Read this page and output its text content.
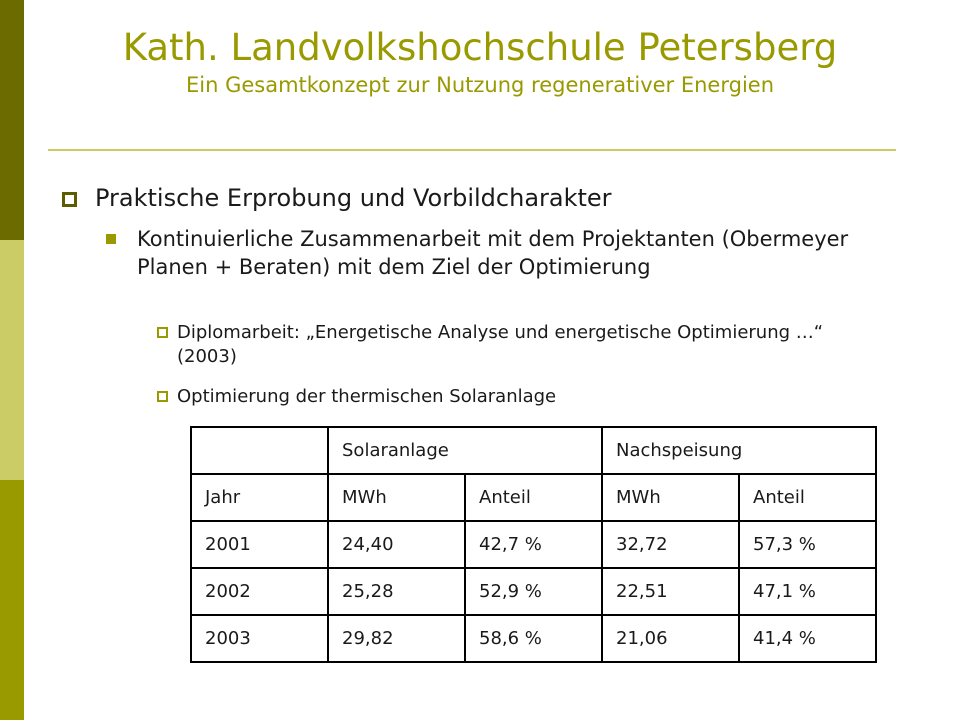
Kath. Landvolkshochschule Petersberg
Ein Gesamtkonzept zur Nutzung regenerativer Energien
Praktische Erprobung und Vorbildcharakter
Kontinuierliche Zusammenarbeit mit dem Projektanten (Obermeyer Planen + Beraten) mit dem Ziel der Optimierung
Diplomarbeit: „Energetische Analyse und energetische Optimierung …“ (2003)
Optimierung der thermischen Solaranlage
	Solaranlage		Nachspeisung	
Jahr	MWh	Anteil	MWh	Anteil
2001	24,40	42,7 %	32,72	57,3 %
2002	25,28	52,9 %	22,51	47,1 %
2003	29,82	58,6 %	21,06	41,4 %
